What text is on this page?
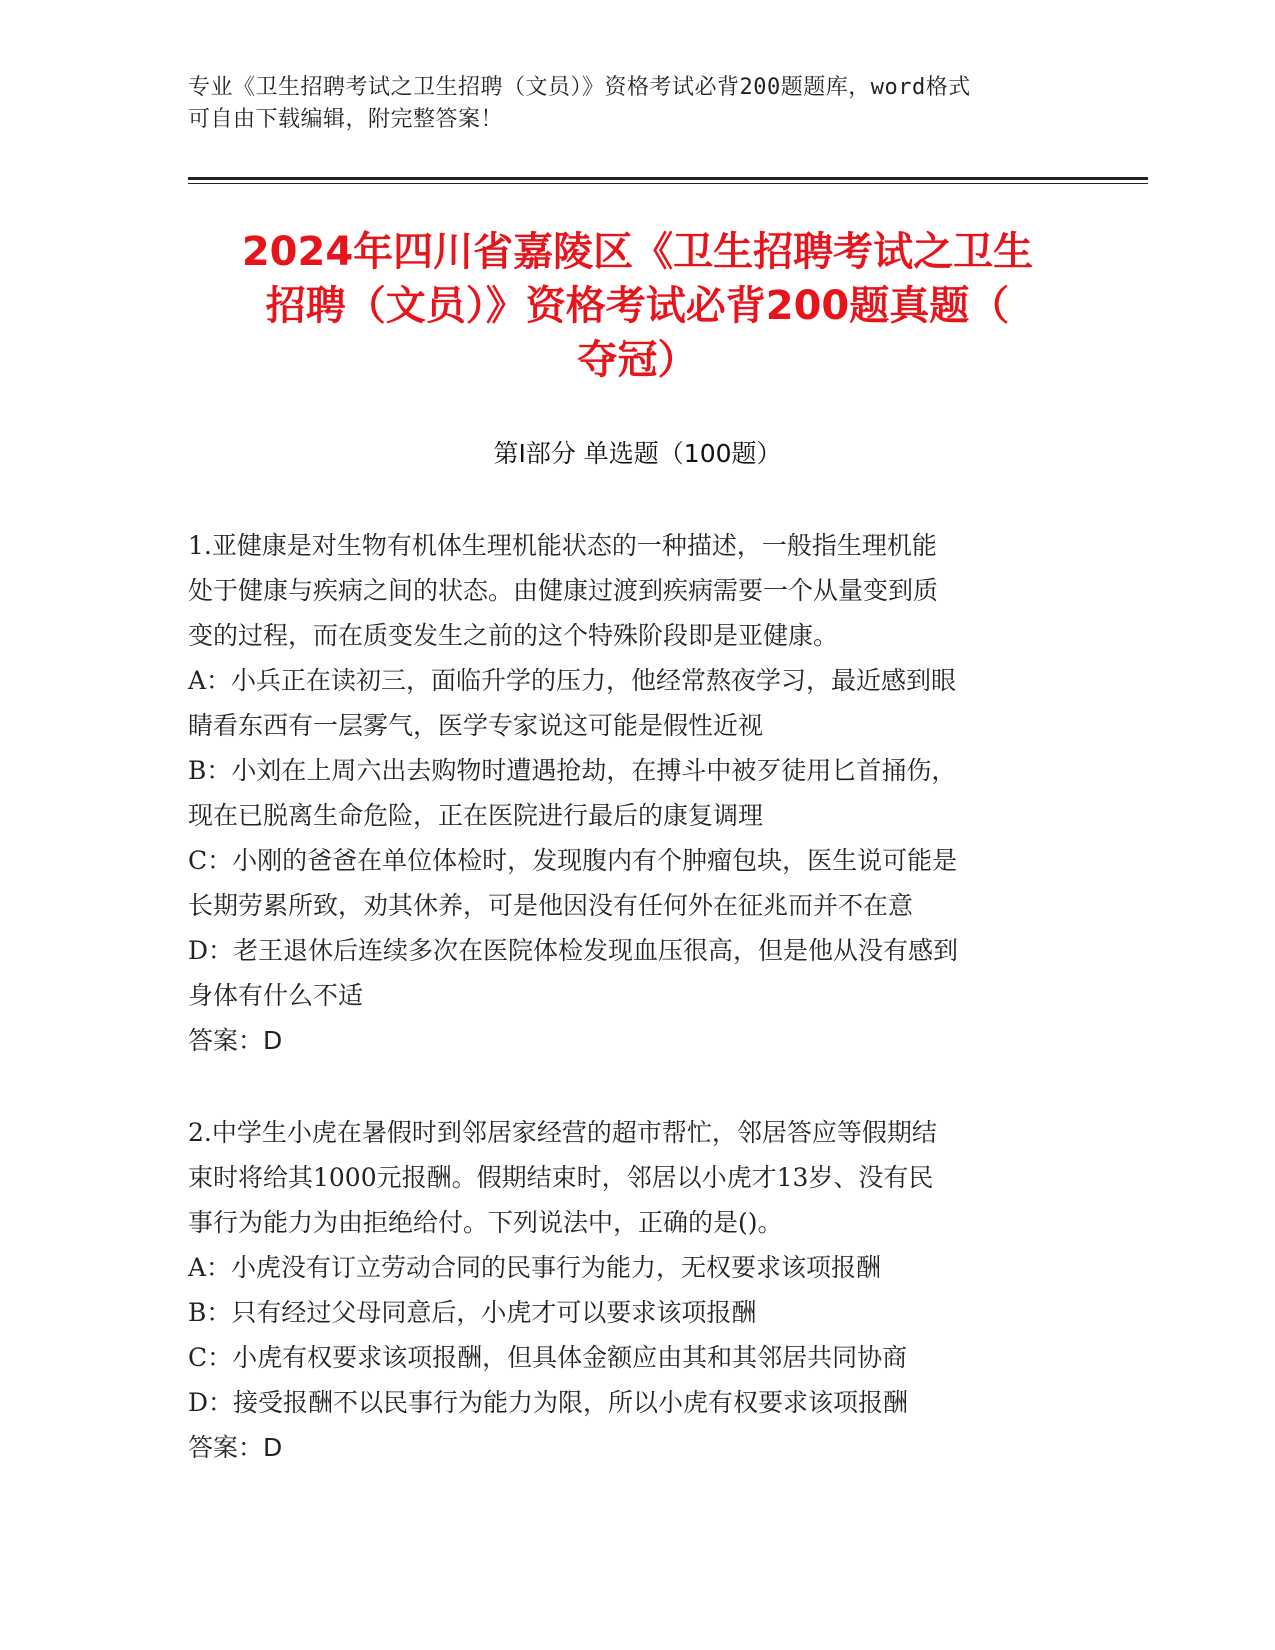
专业《卫生招聘考试之卫生招聘（文员）》资格考试必背200题题库，word格式
可自由下载编辑，附完整答案！
2024年四川省嘉陵区《卫生招聘考试之卫生
招聘（文员）》资格考试必背200题真题（
夺冠）
第Ⅰ部分 单选题（100题）
1.亚健康是对生物有机体生理机能状态的一种描述，一般指生理机能
处于健康与疾病之间的状态。由健康过渡到疾病需要一个从量变到质
变的过程，而在质变发生之前的这个特殊阶段即是亚健康。
A：小兵正在读初三，面临升学的压力，他经常熬夜学习，最近感到眼
睛看东西有一层雾气，医学专家说这可能是假性近视
B：小刘在上周六出去购物时遭遇抢劫，在搏斗中被歹徒用匕首捅伤，
现在已脱离生命危险，正在医院进行最后的康复调理
C：小刚的爸爸在单位体检时，发现腹内有个肿瘤包块，医生说可能是
长期劳累所致，劝其休养，可是他因没有任何外在征兆而并不在意
D：老王退休后连续多次在医院体检发现血压很高，但是他从没有感到
身体有什么不适
答案：D
2.中学生小虎在暑假时到邻居家经营的超市帮忙，邻居答应等假期结
束时将给其1000元报酬。假期结束时，邻居以小虎才13岁、没有民
事行为能力为由拒绝给付。下列说法中，正确的是()。
A：小虎没有订立劳动合同的民事行为能力，无权要求该项报酬
B：只有经过父母同意后，小虎才可以要求该项报酬
C：小虎有权要求该项报酬，但具体金额应由其和其邻居共同协商
D：接受报酬不以民事行为能力为限，所以小虎有权要求该项报酬
答案：D
